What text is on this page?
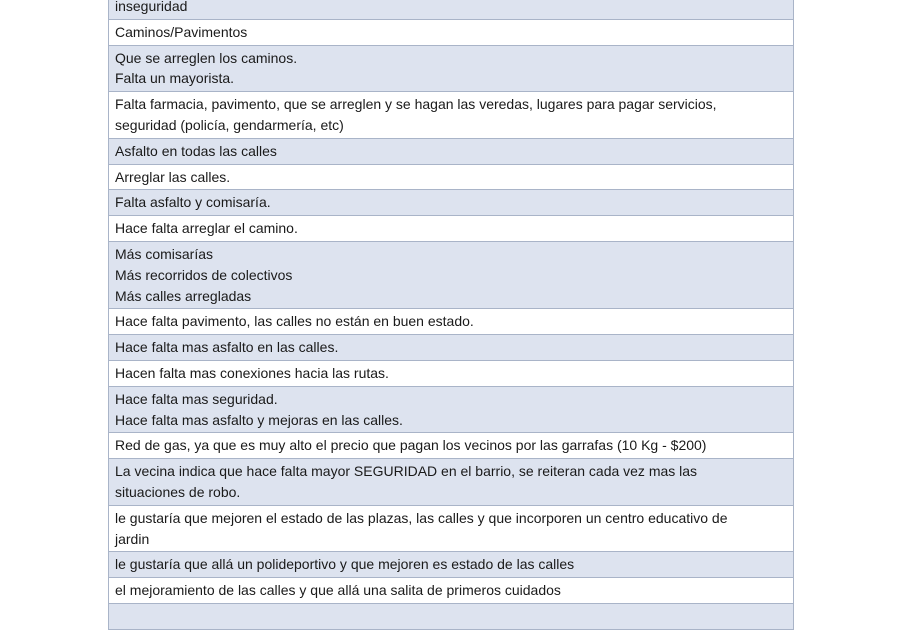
inseguridad

Caminos/Pavimentos

Que se arreglen los caminos.
Falta un mayorista.

Falta farmacia, pavimento, que se arreglen y se hagan las veredas, lugares para pagar servicios,
seguridad (policía, gendarmería, etc)

Asfalto en todas las calles

Arreglar las calles.

Falta asfalto y comisaría.

Hace falta arreglar el camino.

Más comisarías
Más recorridos de colectivos
Más calles arregladas

Hace falta pavimento, las calles no están en buen estado.

Hace falta mas asfalto en las calles.

Hacen falta mas conexiones hacia las rutas.

Hace falta mas seguridad.
Hace falta mas asfalto y mejoras en las calles.

Red de gas, ya que es muy alto el precio que pagan los vecinos por las garrafas (10 Kg - $200)

La vecina indica que hace falta mayor SEGURIDAD en el barrio, se reiteran cada vez mas las
situaciones de robo.

le gustaría que mejoren el estado de las plazas, las calles y que incorporen un centro educativo de
jardin

le gustaría que allá un polideportivo y que mejoren es estado de las calles

el mejoramiento de las calles y que allá una salita de primeros cuidados
